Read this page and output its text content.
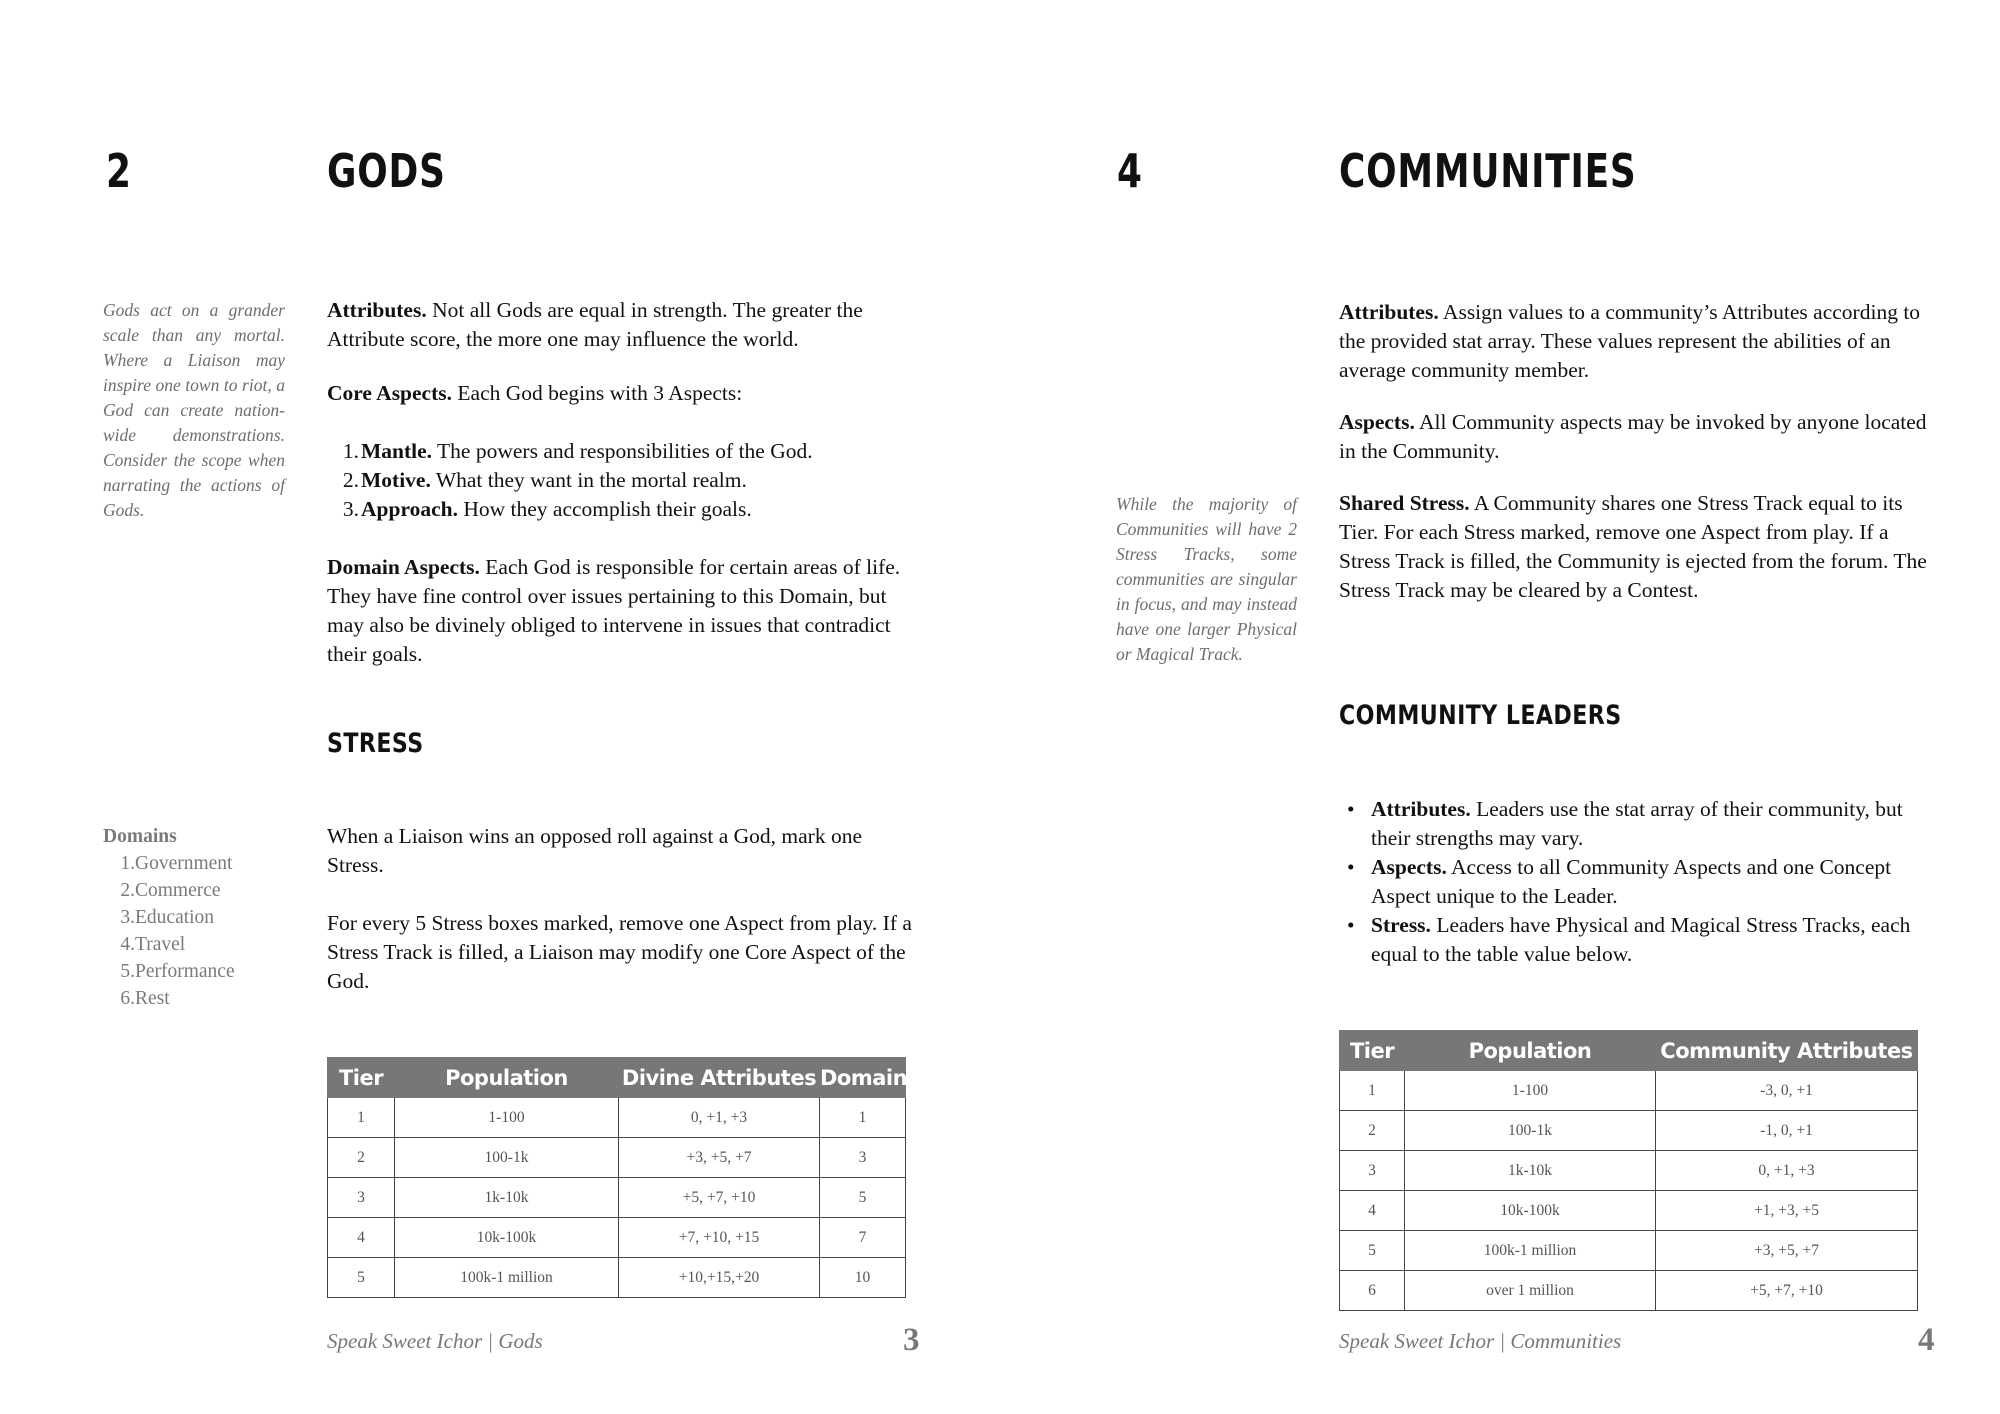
2	GODS
Gods act on a grander scale than any mortal. Where a Liaison may inspire one town to riot, a God can create nation-wide demonstrations. Consider the scope when narrating the actions of Gods.

Attributes. Not all Gods are equal in strength. The greater the Attribute score, the more one may influence the world.

Core Aspects. Each God begins with 3 Aspects:

1. Mantle. The powers and responsibilities of the God.
2. Motive. What they want in the mortal realm.
3. Approach. How they accomplish their goals.

Domain Aspects. Each God is responsible for certain areas of life. They have fine control over issues pertaining to this Domain, but may also be divinely obliged to intervene in issues that contradict their goals.

STRESS
Domains
1. Government
2. Commerce
3. Education
4. Travel
5. Performance
6. Rest

When a Liaison wins an opposed roll against a God, mark one Stress.

For every 5 Stress boxes marked, remove one Aspect from play. If a Stress Track is filled, a Liaison may modify one Core Aspect of the God.

Tier	Population	Divine Attributes	Domains
1	1-100	0, +1, +3	1
2	100-1k	+3, +5, +7	3
3	1k-10k	+5, +7, +10	5
4	10k-100k	+7, +10, +15	7
5	100k-1 million	+10,+15,+20	10
Speak Sweet Ichor | Gods	3
4	COMMUNITIES

Attributes. Assign values to a community’s Attributes according to the provided stat array. These values represent the abilities of an average community member.

Aspects. All Community aspects may be invoked by anyone located in the Community.

Shared Stress. A Community shares one Stress Track equal to its Tier. For each Stress marked, remove one Aspect from play. If a Stress Track is filled, the Community is ejected from the forum. The Stress Track may be cleared by a Contest.

While the majority of Communities will have 2 Stress Tracks, some communities are singular in focus, and may instead have one larger Physical or Magical Track.
COMMUNITY LEADERS
• Attributes. Leaders use the stat array of their community, but their strengths may vary.
• Aspects. Access to all Community Aspects and one Concept Aspect unique to the Leader.
• Stress. Leaders have Physical and Magical Stress Tracks, each equal to the table value below.
Tier	Population	Community Attributes
1	1-100	-3, 0, +1
2	100-1k	-1, 0, +1
3	1k-10k	0, +1, +3
4	10k-100k	+1, +3, +5
5	100k-1 million	+3, +5, +7
6	over 1 million	+5, +7, +10
Speak Sweet Ichor | Communities	4
